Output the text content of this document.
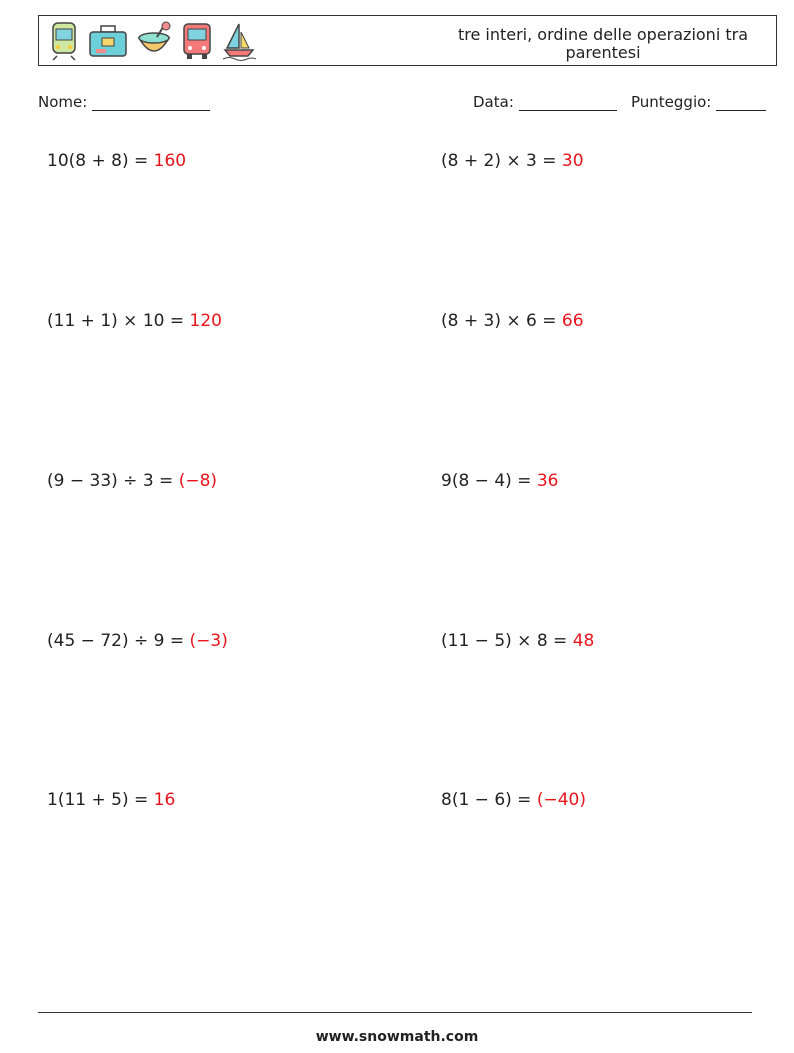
tre interi, ordine delle operazioni tra parentesi
Nome:	Data:	Punteggio:
10(8 + 8) = 160	(8 + 2) × 3 = 30
(11 + 1) × 10 = 120	(8 + 3) × 6 = 66
(9 − 33) ÷ 3 = (−8)	9(8 − 4) = 36
(45 − 72) ÷ 9 = (−3)	(11 − 5) × 8 = 48
1(11 + 5) = 16	8(1 − 6) = (−40)
www.snowmath.com
